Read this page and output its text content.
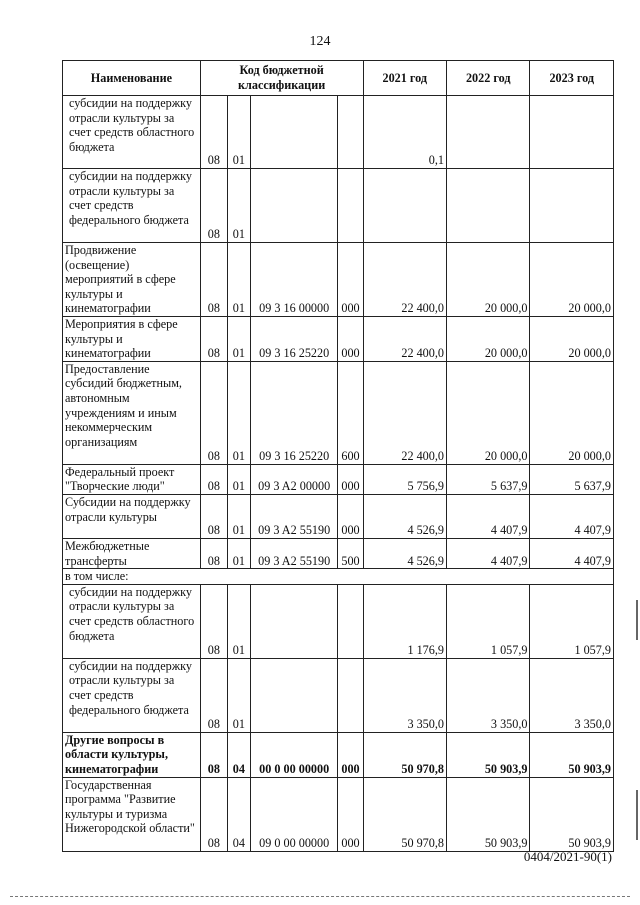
124
Наименование	Код бюджетной классификации				2021 год	2022 год	2023 год
субсидии на поддержку отрасли культуры за счет средств областного бюджета	08	01			0,1		
субсидии на поддержку отрасли культуры за счет средств федерального бюджета	08	01					
Продвижение (освещение) мероприятий в сфере культуры и кинематографии	08	01	09 3 16 00000	000	22 400,0	20 000,0	20 000,0
Мероприятия в сфере культуры и кинематографии	08	01	09 3 16 25220	000	22 400,0	20 000,0	20 000,0
Предоставление субсидий бюджетным, автономным учреждениям и иным некоммерческим организациям	08	01	09 3 16 25220	600	22 400,0	20 000,0	20 000,0
Федеральный проект "Творческие люди"	08	01	09 3 A2 00000	000	5 756,9	5 637,9	5 637,9
Субсидии на поддержку отрасли культуры	08	01	09 3 A2 55190	000	4 526,9	4 407,9	4 407,9
Межбюджетные трансферты	08	01	09 3 A2 55190	500	4 526,9	4 407,9	4 407,9
в том числе:							
субсидии на поддержку отрасли культуры за счет средств областного бюджета	08	01			1 176,9	1 057,9	1 057,9
субсидии на поддержку отрасли культуры за счет средств федерального бюджета	08	01			3 350,0	3 350,0	3 350,0
Другие вопросы в области культуры, кинематографии	08	04	00 0 00 00000	000	50 970,8	50 903,9	50 903,9
Государственная программа "Развитие культуры и туризма Нижегородской области"	08	04	09 0 00 00000	000	50 970,8	50 903,9	50 903,9
0404/2021-90(1)
